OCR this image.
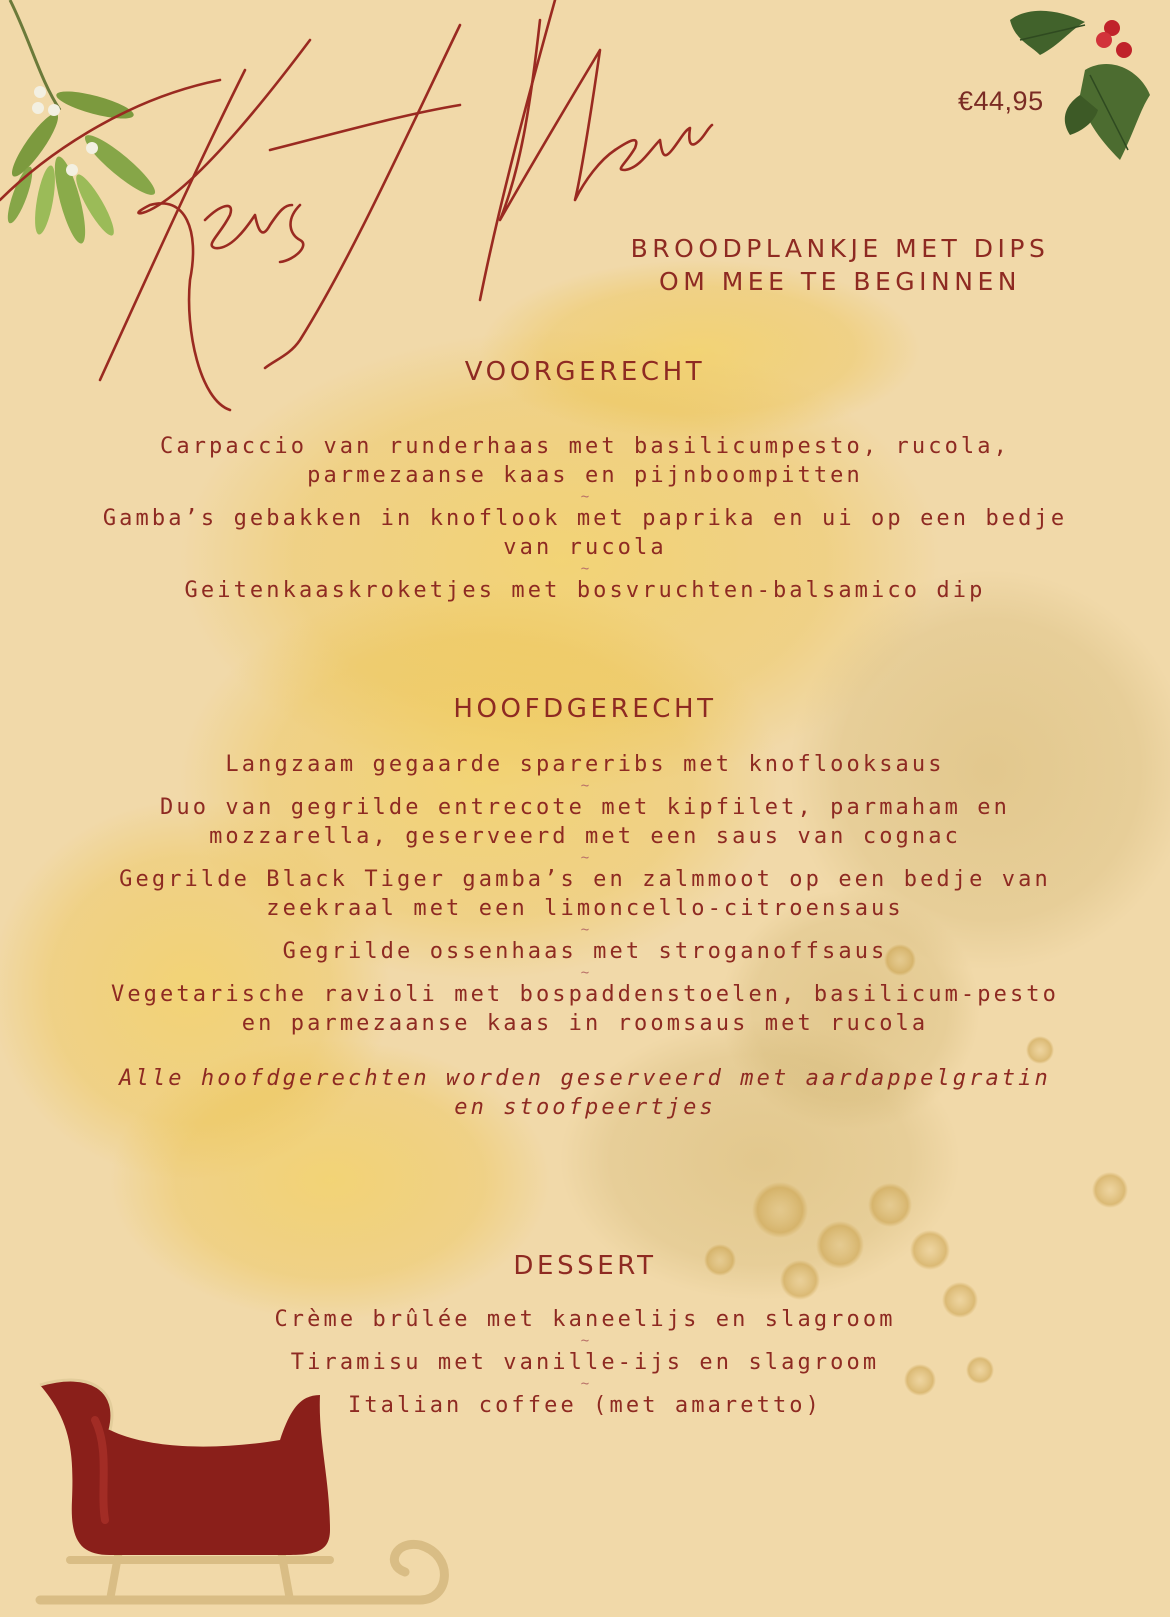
€44,95
BROODPLANKJE MET DIPS
OM MEE TE BEGINNEN
VOORGERECHT
Carpaccio van runderhaas met basilicumpesto, rucola,
parmezaanse kaas en pijnboompitten
~
Gamba’s gebakken in knoflook met paprika en ui op een bedje
van rucola
~
Geitenkaaskroketjes met bosvruchten-balsamico dip
HOOFDGERECHT
Langzaam gegaarde spareribs met knoflooksaus
~
Duo van gegrilde entrecote met kipfilet, parmaham en
mozzarella, geserveerd met een saus van cognac
~
Gegrilde Black Tiger gamba’s en zalmmoot op een bedje van
zeekraal met een limoncello-citroensaus
~
Gegrilde ossenhaas met stroganoffsaus
~
Vegetarische ravioli met bospaddenstoelen, basilicum-pesto
en parmezaanse kaas in roomsaus met rucola
Alle hoofdgerechten worden geserveerd met aardappelgratin
en stoofpeertjes
DESSERT
Crème brûlée met kaneelijs en slagroom
~
Tiramisu met vanille-ijs en slagroom
~
Italian coffee (met amaretto)
